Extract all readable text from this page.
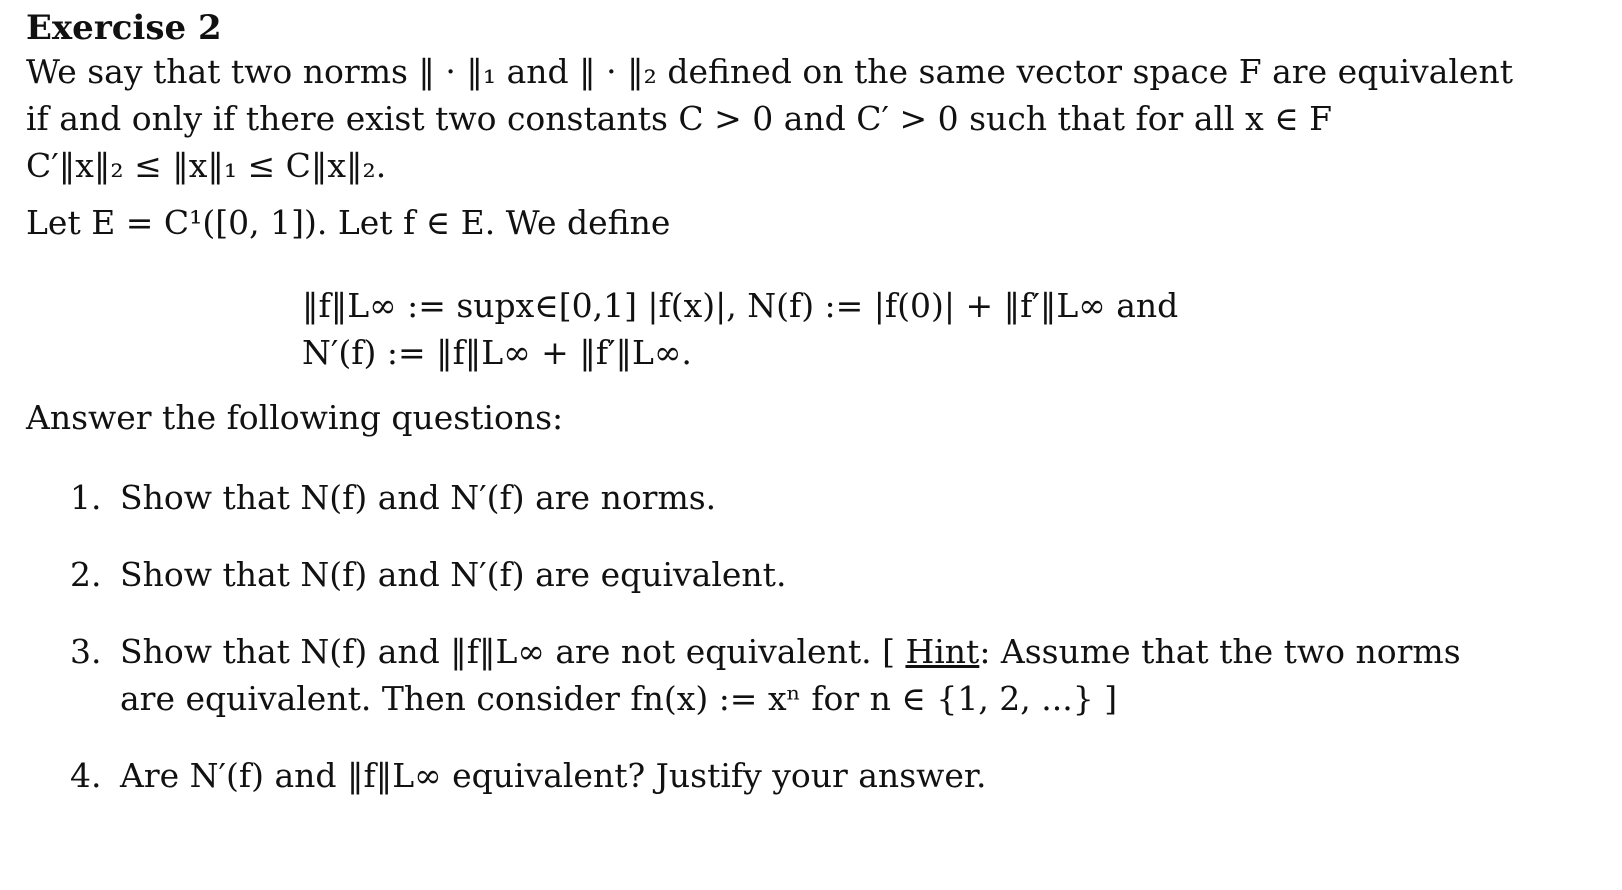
Exercise 2

We say that two norms ‖ · ‖₁ and ‖ · ‖₂ defined on the same vector space F are equivalent

if and only if there exist two constants C > 0 and C′ > 0 such that for all x ∈ F

C′‖x‖₂ ≤ ‖x‖₁ ≤ C‖x‖₂.

Let E = C¹([0, 1]). Let f ∈ E. We define

‖f‖L∞ := supx∈[0,1] |f(x)|, N(f) := |f(0)| + ‖f′‖L∞ and
N′(f) := ‖f‖L∞ + ‖f′‖L∞.

Answer the following questions:

1. Show that N(f) and N′(f) are norms.
2. Show that N(f) and N′(f) are equivalent.
3. Show that N(f) and ‖f‖L∞ are not equivalent. [ Hint: Assume that the two norms
are equivalent. Then consider fn(x) := xⁿ for n ∈ {1, 2, ...} ]
4. Are N′(f) and ‖f‖L∞ equivalent? Justify your answer.
